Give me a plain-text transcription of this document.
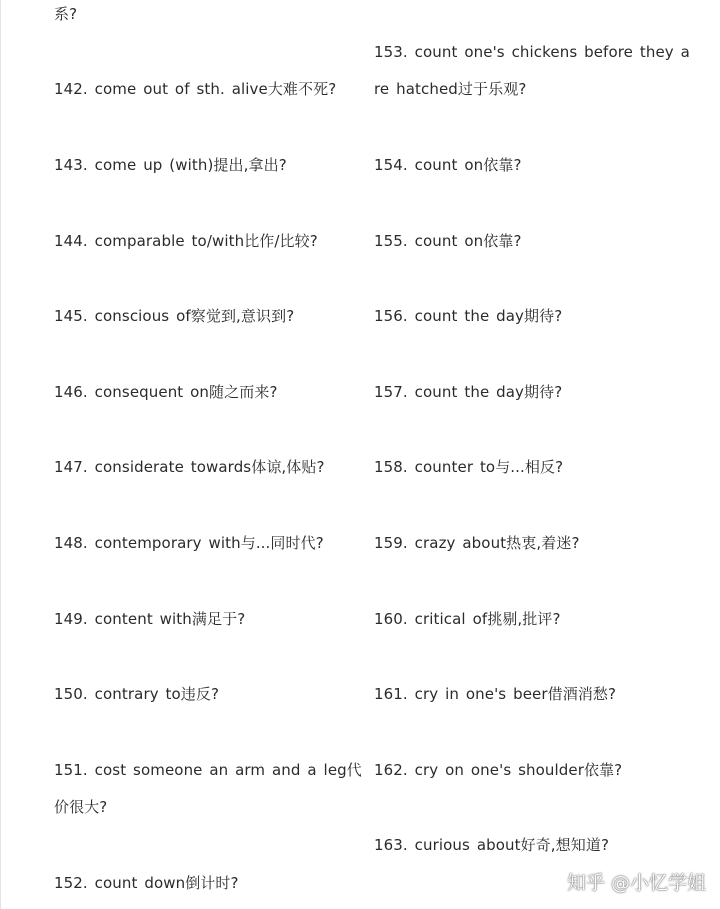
系?
142. come out of sth. alive大难不死?
143. come up (with)提出,拿出?
144. comparable to/with比作/比较?
145. conscious of察觉到,意识到?
146. consequent on随之而来?
147. considerate towards体谅,体贴?
148. contemporary with与...同时代?
149. content with满足于?
150. contrary to违反?
151. cost someone an arm and a leg代
价很大?
152. count down倒计时?
153. count one's chickens before they a
re hatched过于乐观?
154. count on依靠?
155. count on依靠?
156. count the day期待?
157. count the day期待?
158. counter to与...相反?
159. crazy about热衷,着迷?
160. critical of挑剔,批评?
161. cry in one's beer借酒消愁?
162. cry on one's shoulder依靠?
163. curious about好奇,想知道?
知乎 @小忆学姐
